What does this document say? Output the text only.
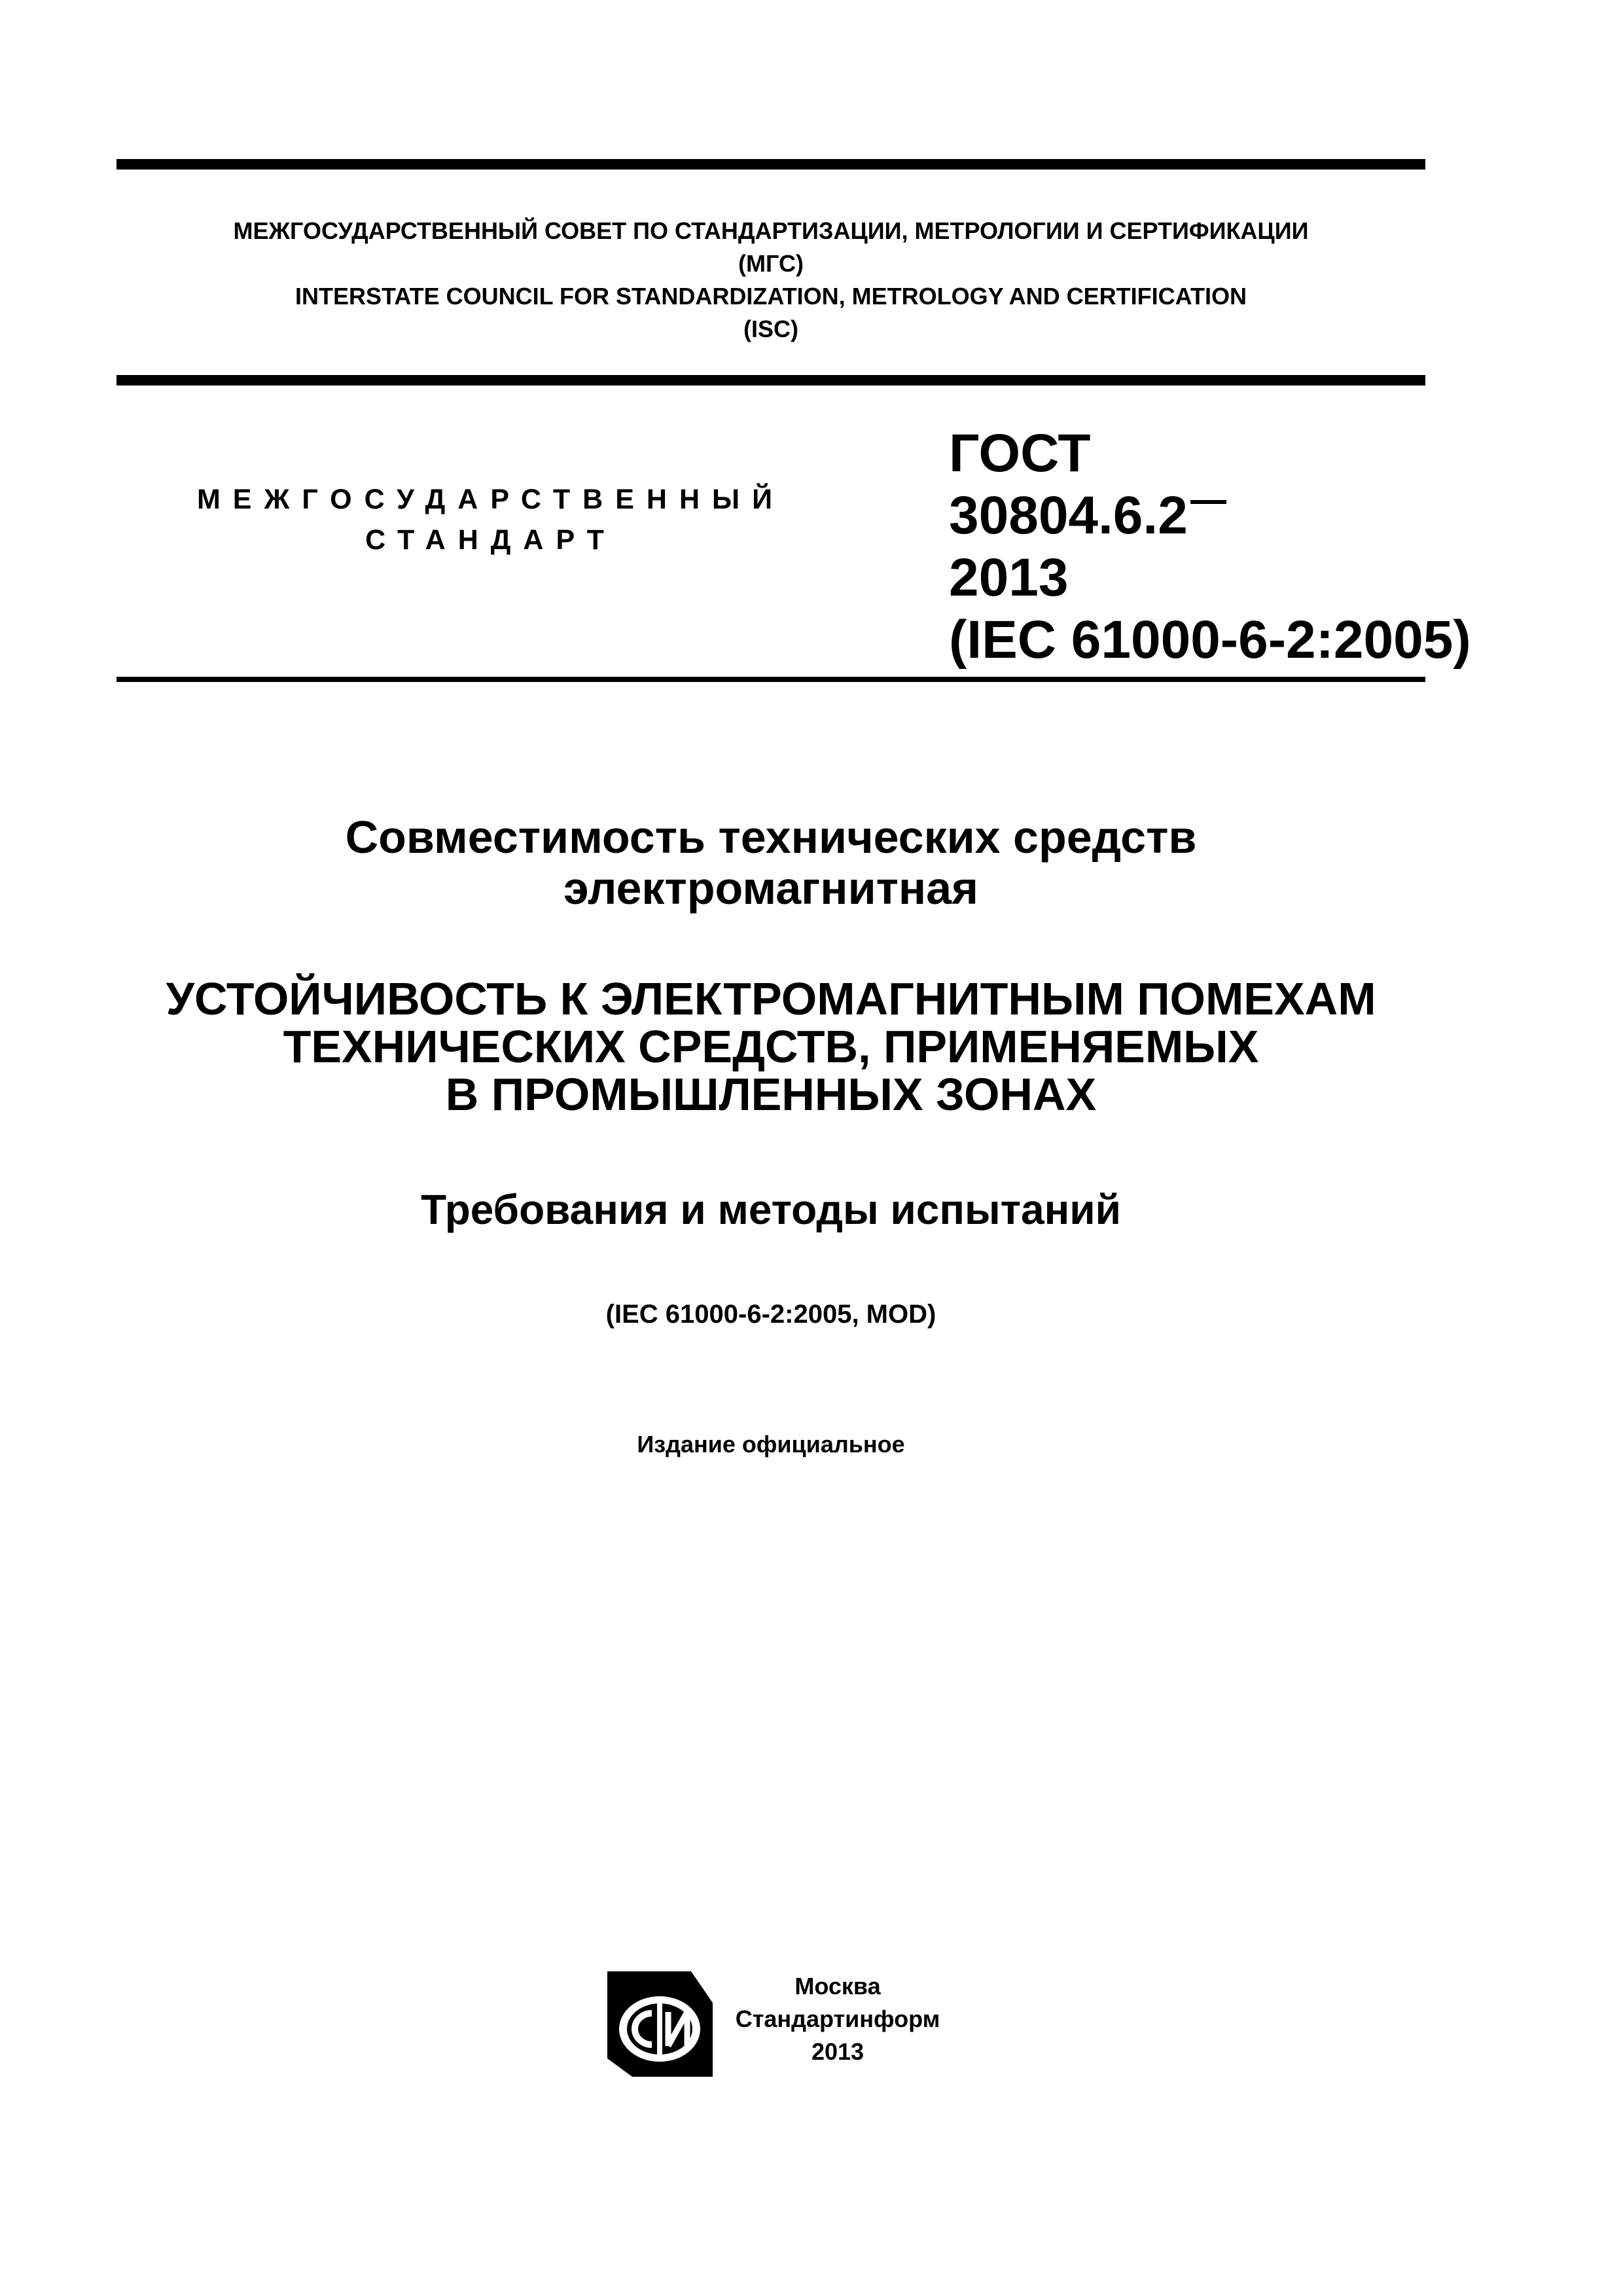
МЕЖГОСУДАРСТВЕННЫЙ СОВЕТ ПО СТАНДАРТИЗАЦИИ, МЕТРОЛОГИИ И СЕРТИФИКАЦИИ
(МГС)
INTERSTATE COUNCIL FOR STANDARDIZATION, METROLOGY AND CERTIFICATION
(ISC)
МЕЖГОСУДАРСТВЕННЫЙ
СТАНДАРТ
ГОСТ
30804.6.2
2013
(IEC 61000-6-2:2005)
Совместимость технических средств
электромагнитная
УСТОЙЧИВОСТЬ К ЭЛЕКТРОМАГНИТНЫМ ПОМЕХАМ
ТЕХНИЧЕСКИХ СРЕДСТВ, ПРИМЕНЯЕМЫХ
В ПРОМЫШЛЕННЫХ ЗОНАХ
Требования и методы испытаний
(IEC 61000-6-2:2005, MOD)
Издание официальное
Москва
Стандартинформ
2013
